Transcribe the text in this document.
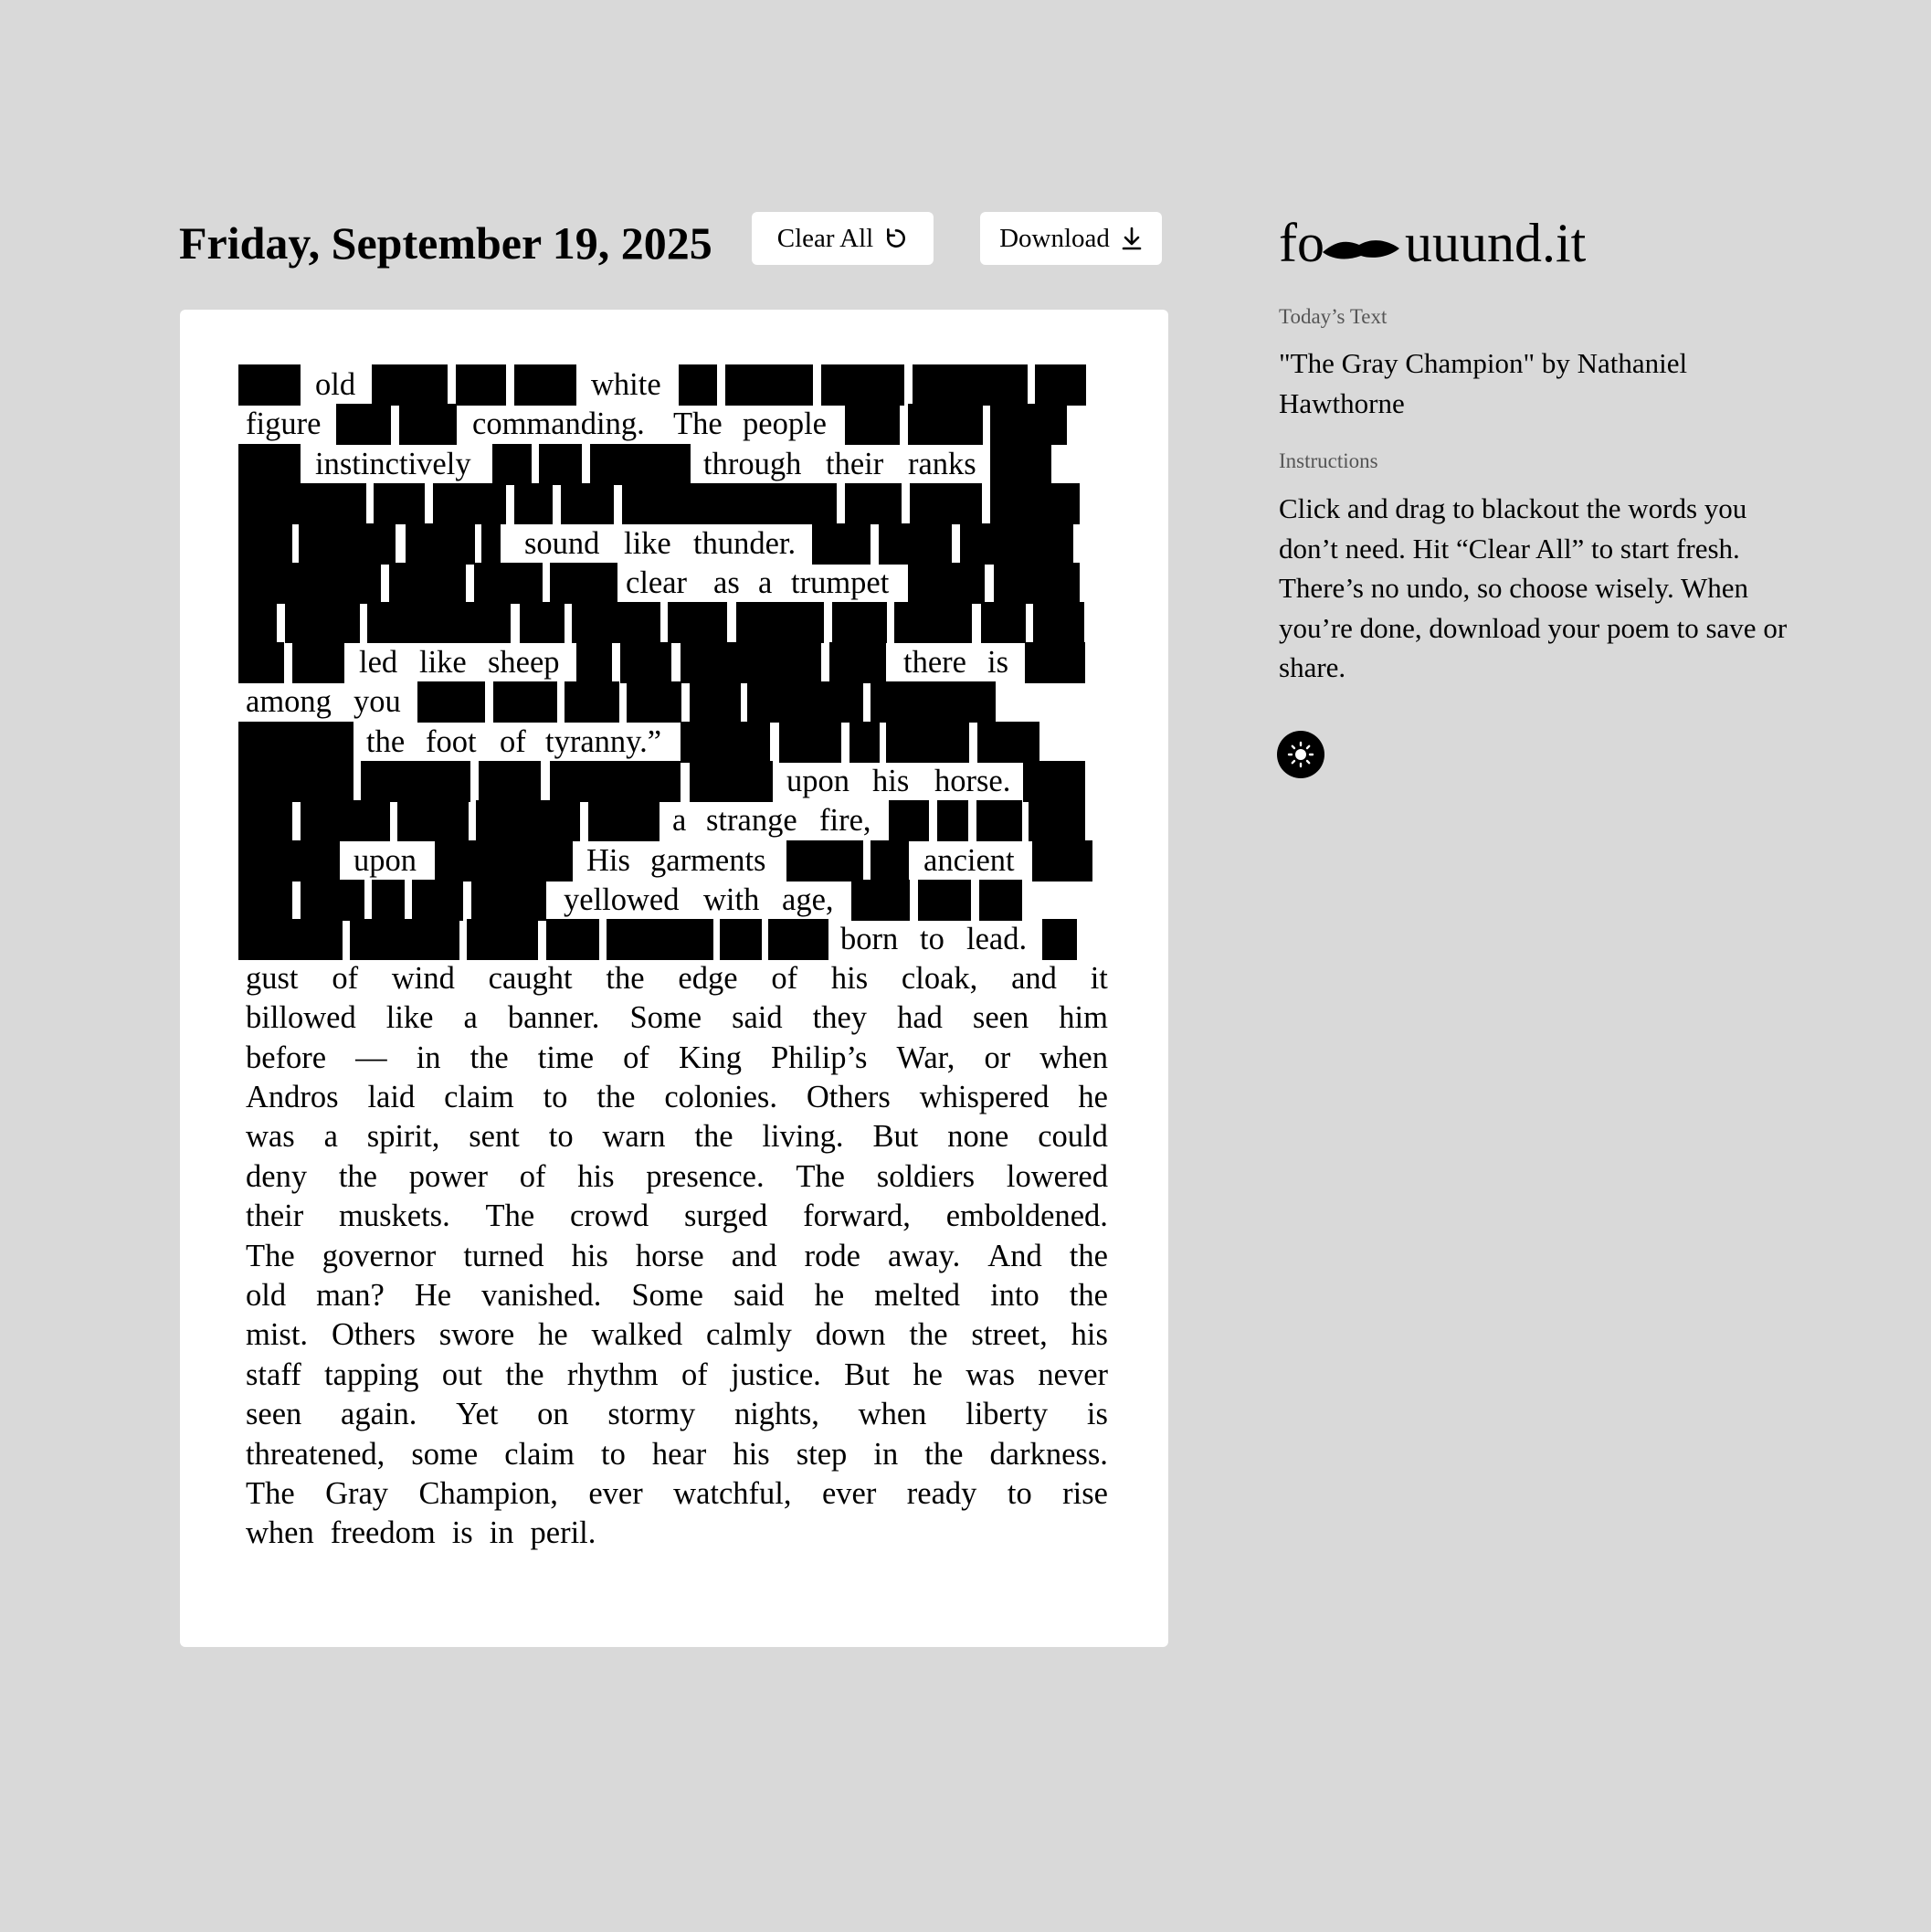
Friday, September 19, 2025 Clear All	Download
old	white
figure	commanding. The people
instinctively	through their ranks
sound like thunder.
clear as a trumpet
led like sheep	there is
among you
the foot of tyranny.”
upon his horse.
a strange fire,
upon	His garments	ancient
yellowed with age,
born to lead.
gust of wind caught the edge of his cloak, and it
billowed like a banner. Some said they had seen him
before — in the time of King Philip’s War, or when
Andros laid claim to the colonies. Others whispered he
was a spirit, sent to warn the living. But none could
deny the power of his presence. The soldiers lowered
their muskets. The crowd surged forward, emboldened.
The governor turned his horse and rode away. And the
old man? He vanished. Some said he melted into the
mist. Others swore he walked calmly down the street, his
staff tapping out the rhythm of justice. But he was never
seen again. Yet on stormy nights, when liberty is
threatened, some claim to hear his step in the darkness.
The Gray Champion, ever watchful, ever ready to rise
when freedom is in peril.
fo uuund.it
Today’s Text
"The Gray Champion" by Nathaniel Hawthorne
Instructions
Click and drag to blackout the words you don’t need. Hit “Clear All” to start fresh. There’s no undo, so choose wisely. When you’re done, download your poem to save or share.
